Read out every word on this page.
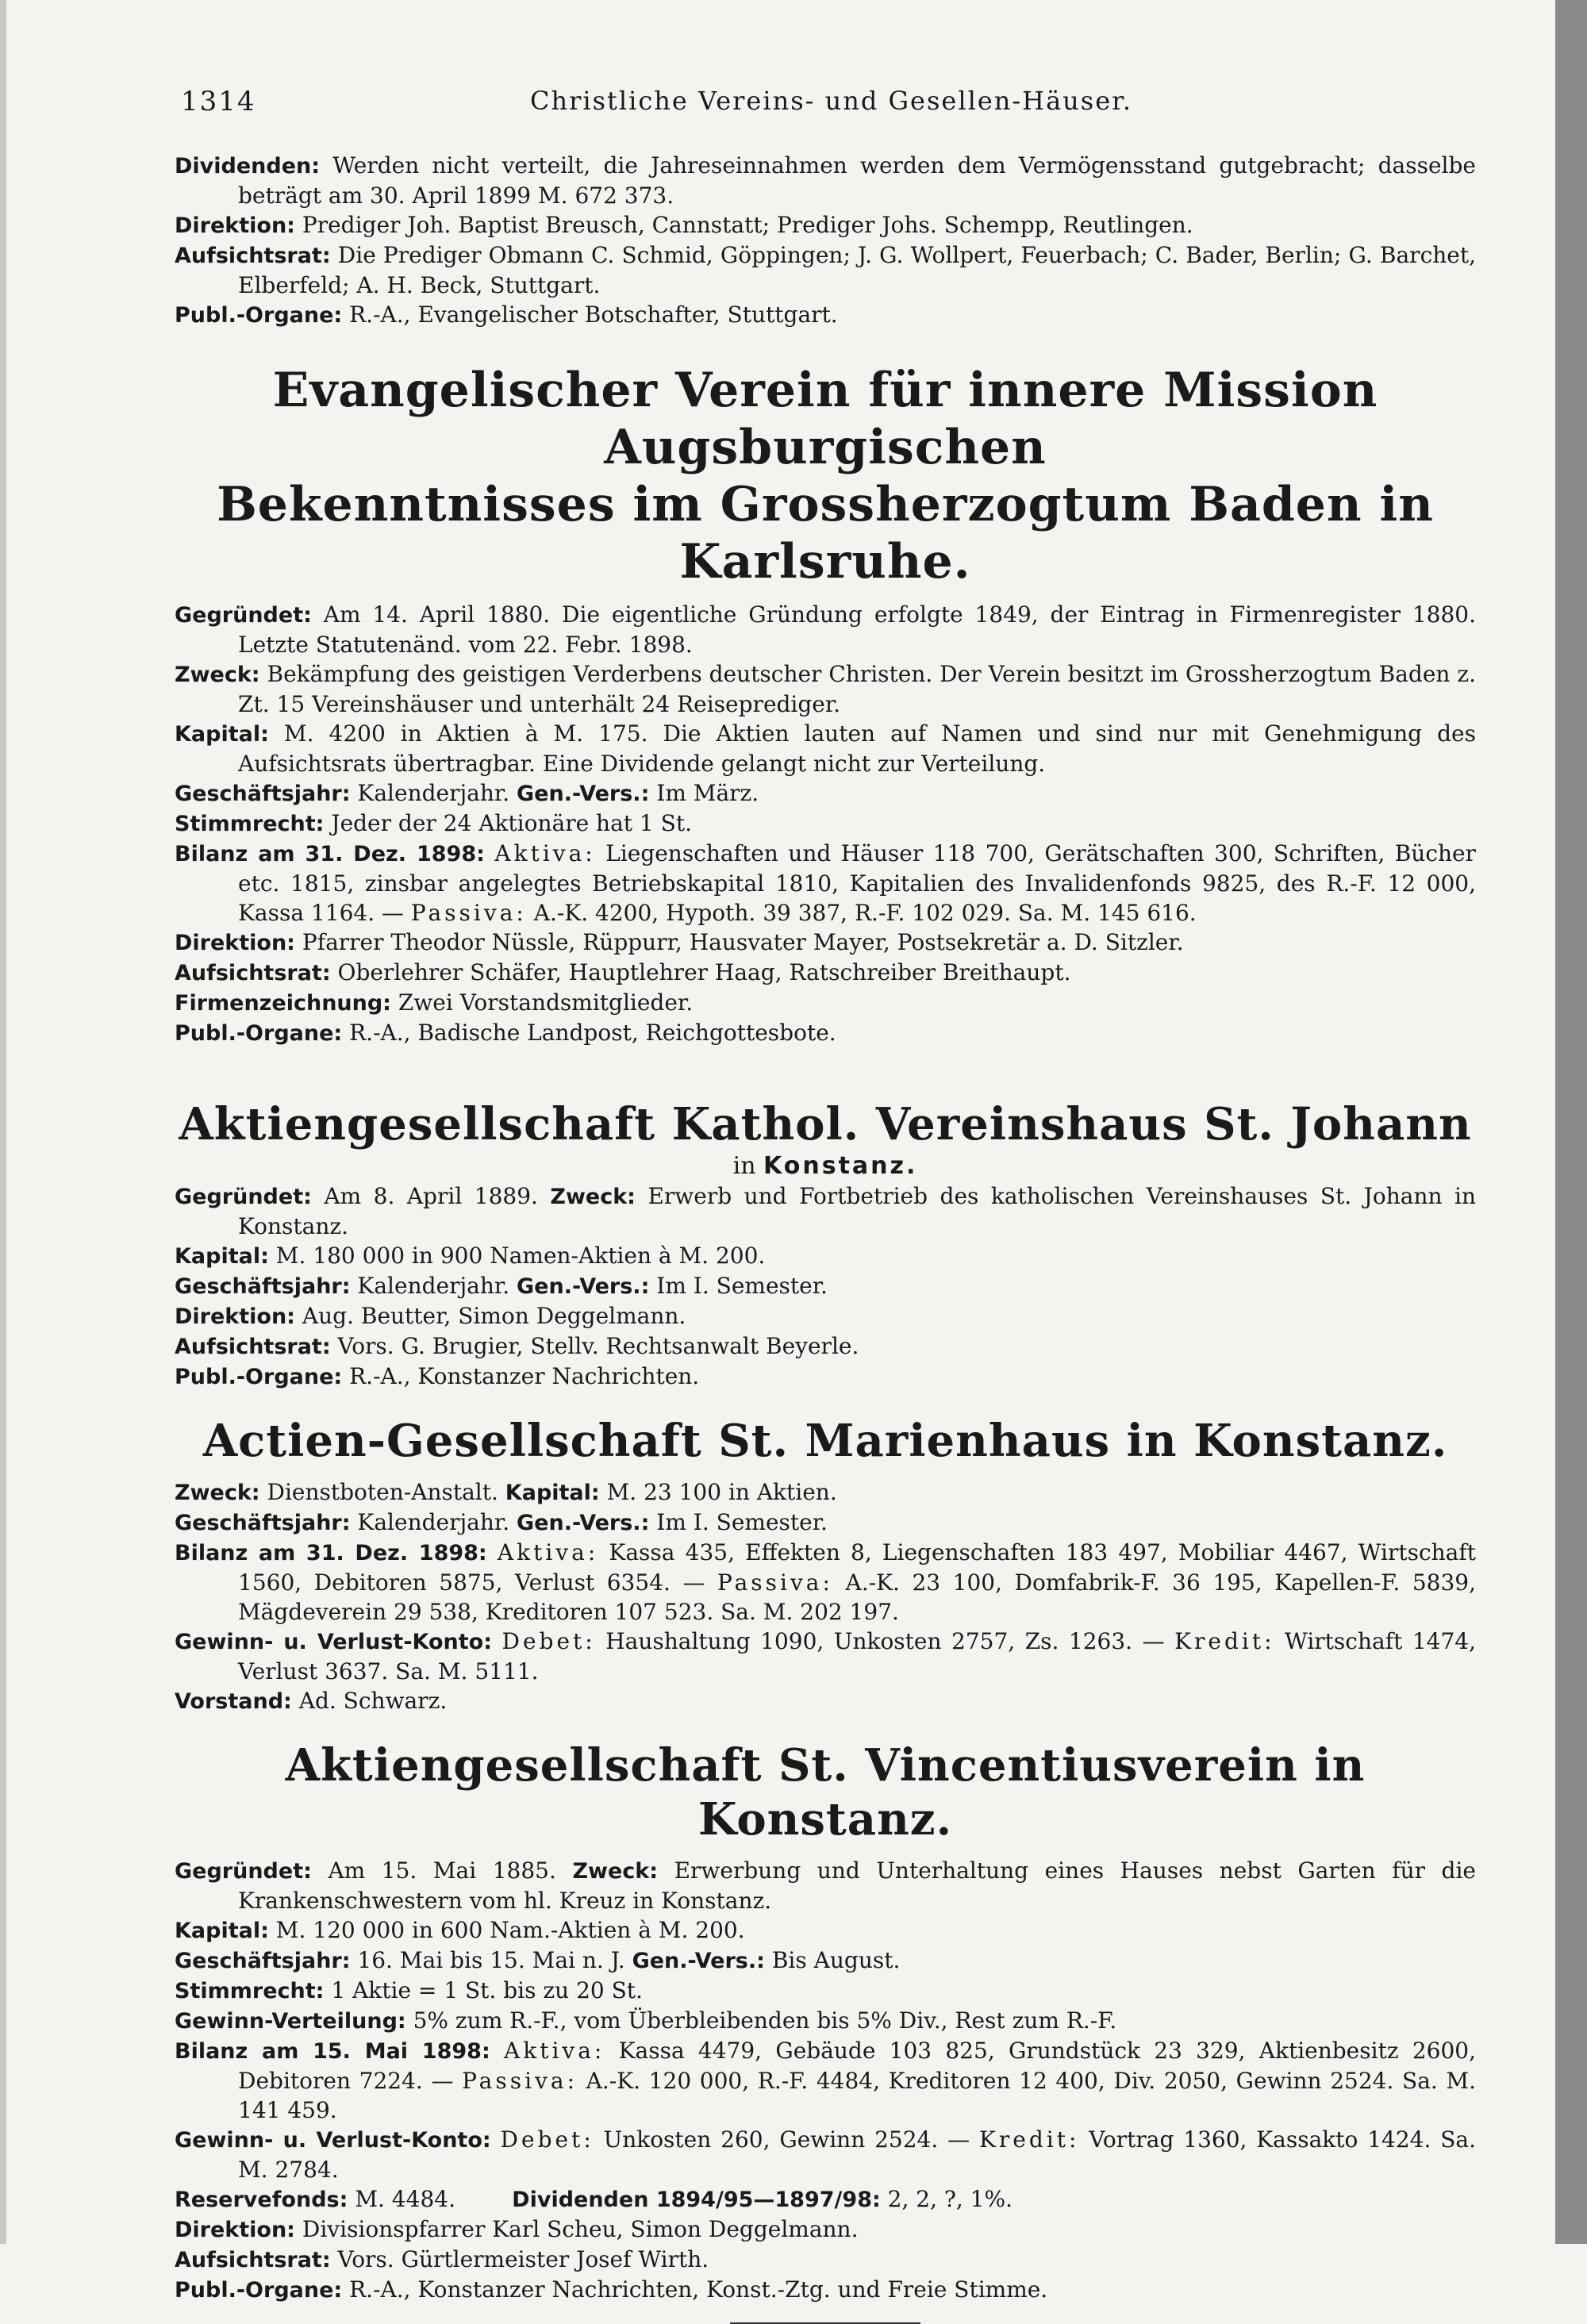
1314	Christliche Vereins- und Gesellen-Häuser.

Dividenden: Werden nicht verteilt, die Jahreseinnahmen werden dem Vermögensstand gutgebracht; dasselbe beträgt am 30. April 1899 M. 672 373.

Direktion: Prediger Joh. Baptist Breusch, Cannstatt; Prediger Johs. Schempp, Reutlingen.

Aufsichtsrat: Die Prediger Obmann C. Schmid, Göppingen; J. G. Wollpert, Feuerbach; C. Bader, Berlin; G. Barchet, Elberfeld; A. H. Beck, Stuttgart.

Publ.-Organe: R.-A., Evangelischer Botschafter, Stuttgart.

Evangelischer Verein für innere Mission Augsburgischen

Bekenntnisses im Grossherzogtum Baden in Karlsruhe.

Gegründet: Am 14. April 1880. Die eigentliche Gründung erfolgte 1849, der Eintrag in Firmenregister 1880. Letzte Statutenänd. vom 22. Febr. 1898.

Zweck: Bekämpfung des geistigen Verderbens deutscher Christen. Der Verein besitzt im Grossherzogtum Baden z. Zt. 15 Vereinshäuser und unterhält 24 Reiseprediger.

Kapital: M. 4200 in Aktien à M. 175. Die Aktien lauten auf Namen und sind nur mit Genehmigung des Aufsichtsrats übertragbar. Eine Dividende gelangt nicht zur Verteilung.

Geschäftsjahr: Kalenderjahr. Gen.-Vers.: Im März.

Stimmrecht: Jeder der 24 Aktionäre hat 1 St.

Bilanz am 31. Dez. 1898: Aktiva: Liegenschaften und Häuser 118 700, Gerätschaften 300, Schriften, Bücher etc. 1815, zinsbar angelegtes Betriebskapital 1810, Kapitalien des Invalidenfonds 9825, des R.-F. 12 000, Kassa 1164. — Passiva: A.-K. 4200, Hypoth. 39 387, R.-F. 102 029. Sa. M. 145 616.

Direktion: Pfarrer Theodor Nüssle, Rüppurr, Hausvater Mayer, Postsekretär a. D. Sitzler.

Aufsichtsrat: Oberlehrer Schäfer, Hauptlehrer Haag, Ratschreiber Breithaupt.

Firmenzeichnung: Zwei Vorstandsmitglieder.

Publ.-Organe: R.-A., Badische Landpost, Reichgottesbote.

Aktiengesellschaft Kathol. Vereinshaus St. Johann

in Konstanz.

Gegründet: Am 8. April 1889. Zweck: Erwerb und Fortbetrieb des katholischen Vereinshauses St. Johann in Konstanz.

Kapital: M. 180 000 in 900 Namen-Aktien à M. 200.

Geschäftsjahr: Kalenderjahr. Gen.-Vers.: Im I. Semester.

Direktion: Aug. Beutter, Simon Deggelmann.

Aufsichtsrat: Vors. G. Brugier, Stellv. Rechtsanwalt Beyerle.

Publ.-Organe: R.-A., Konstanzer Nachrichten.

Actien-Gesellschaft St. Marienhaus in Konstanz.

Zweck: Dienstboten-Anstalt. Kapital: M. 23 100 in Aktien.

Geschäftsjahr: Kalenderjahr. Gen.-Vers.: Im I. Semester.

Bilanz am 31. Dez. 1898: Aktiva: Kassa 435, Effekten 8, Liegenschaften 183 497, Mobiliar 4467, Wirtschaft 1560, Debitoren 5875, Verlust 6354. — Passiva: A.-K. 23 100, Domfabrik-F. 36 195, Kapellen-F. 5839, Mägdeverein 29 538, Kreditoren 107 523. Sa. M. 202 197.

Gewinn- u. Verlust-Konto: Debet: Haushaltung 1090, Unkosten 2757, Zs. 1263. — Kredit: Wirtschaft 1474, Verlust 3637. Sa. M. 5111.

Vorstand: Ad. Schwarz.

Aktiengesellschaft St. Vincentiusverein in Konstanz.

Gegründet: Am 15. Mai 1885. Zweck: Erwerbung und Unterhaltung eines Hauses nebst Garten für die Krankenschwestern vom hl. Kreuz in Konstanz.

Kapital: M. 120 000 in 600 Nam.-Aktien à M. 200.

Geschäftsjahr: 16. Mai bis 15. Mai n. J. Gen.-Vers.: Bis August.

Stimmrecht: 1 Aktie = 1 St. bis zu 20 St.

Gewinn-Verteilung: 5% zum R.-F., vom Überbleibenden bis 5% Div., Rest zum R.-F.

Bilanz am 15. Mai 1898: Aktiva: Kassa 4479, Gebäude 103 825, Grundstück 23 329, Aktienbesitz 2600, Debitoren 7224. — Passiva: A.-K. 120 000, R.-F. 4484, Kreditoren 12 400, Div. 2050, Gewinn 2524. Sa. M. 141 459.

Gewinn- u. Verlust-Konto: Debet: Unkosten 260, Gewinn 2524. — Kredit: Vortrag 1360, Kassakto 1424. Sa. M. 2784.

Reservefonds: M. 4484.	Dividenden 1894/95—1897/98: 2, 2, ?, 1%.

Direktion: Divisionspfarrer Karl Scheu, Simon Deggelmann.

Aufsichtsrat: Vors. Gürtlermeister Josef Wirth.

Publ.-Organe: R.-A., Konstanzer Nachrichten, Konst.-Ztg. und Freie Stimme.
